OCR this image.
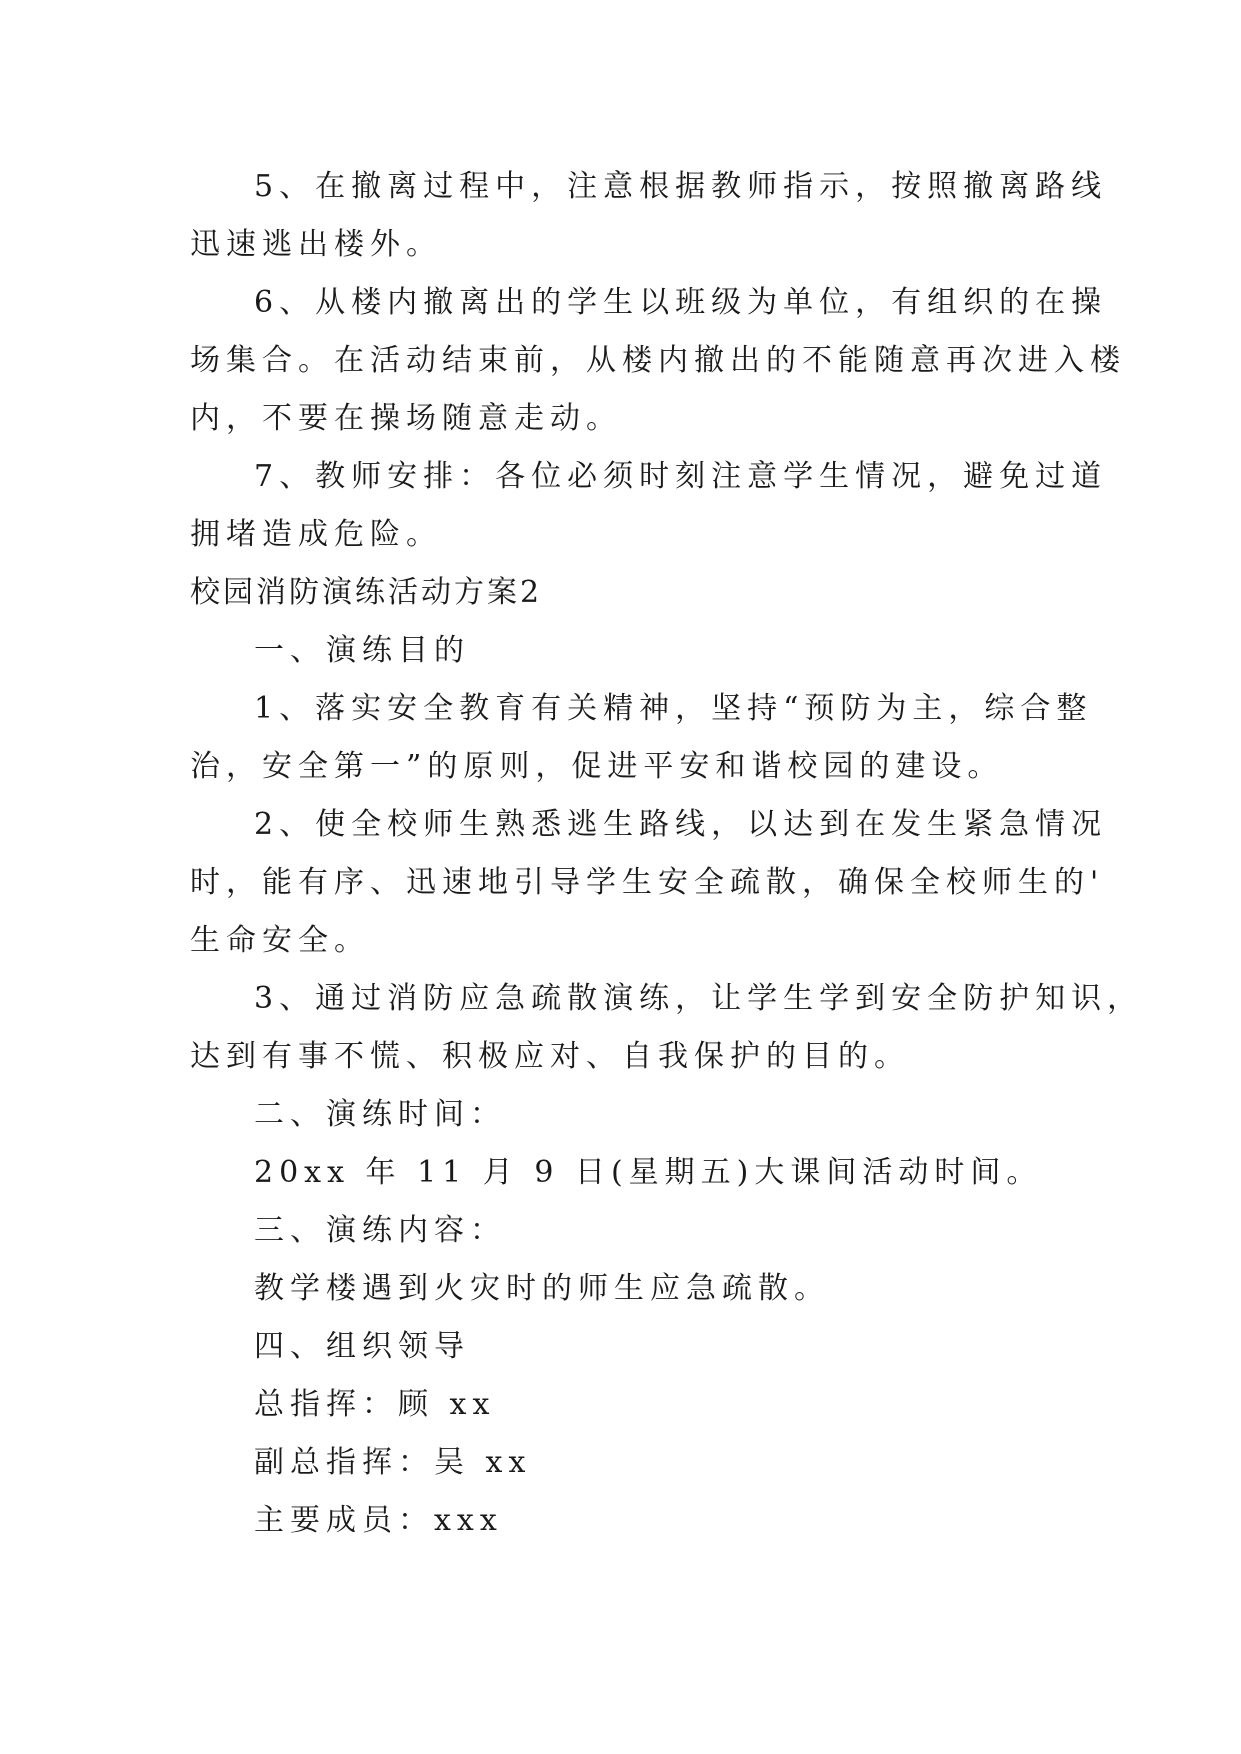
5、在撤离过程中，注意根据教师指示，按照撤离路线
迅速逃出楼外。
6、从楼内撤离出的学生以班级为单位，有组织的在操
场集合。在活动结束前，从楼内撤出的不能随意再次进入楼
内，不要在操场随意走动。
7、教师安排：各位必须时刻注意学生情况，避免过道
拥堵造成危险。
校园消防演练活动方案2
一、演练目的
1、落实安全教育有关精神，坚持“预防为主，综合整
治，安全第一”的原则，促进平安和谐校园的建设。
2、使全校师生熟悉逃生路线，以达到在发生紧急情况
时，能有序、迅速地引导学生安全疏散，确保全校师生的'
生命安全。
3、通过消防应急疏散演练，让学生学到安全防护知识，
达到有事不慌、积极应对、自我保护的目的。
二、演练时间：
20xx 年 11 月 9 日(星期五)大课间活动时间。
三、演练内容：
教学楼遇到火灾时的师生应急疏散。
四、组织领导
总指挥：顾 xx
副总指挥：吴 xx
主要成员：xxx
